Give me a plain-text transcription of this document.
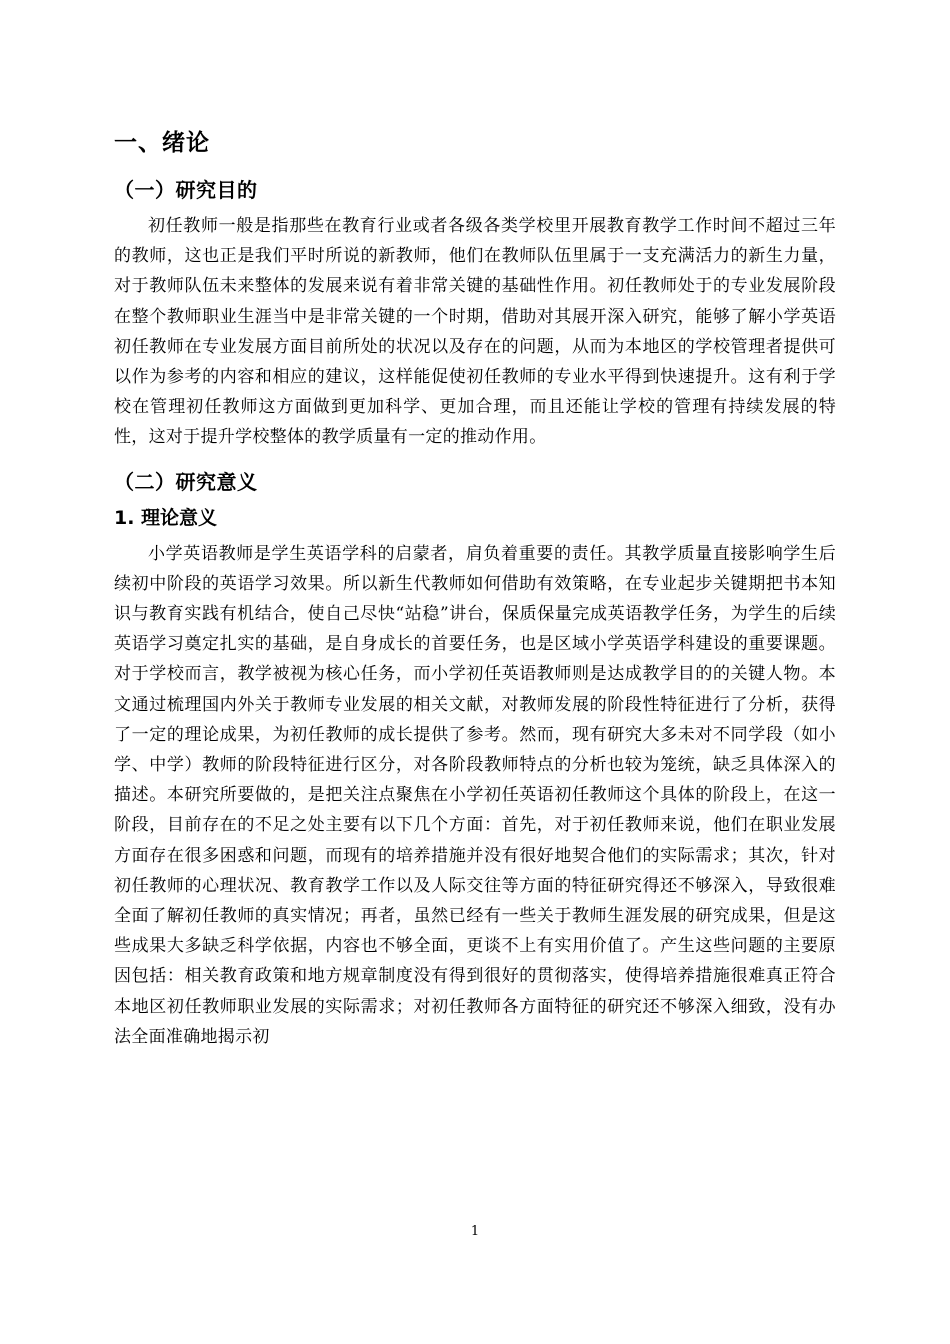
一、绪论
（一）研究目的

初任教师一般是指那些在教育行业或者各级各类学校里开展教育教学工作时间不超过三年的教师，这也正是我们平时所说的新教师，他们在教师队伍里属于一支充满活力的新生力量，对于教师队伍未来整体的发展来说有着非常关键的基础性作用。初任教师处于的专业发展阶段在整个教师职业生涯当中是非常关键的一个时期，借助对其展开深入研究，能够了解小学英语初任教师在专业发展方面目前所处的状况以及存在的问题，从而为本地区的学校管理者提供可以作为参考的内容和相应的建议，这样能促使初任教师的专业水平得到快速提升。这有利于学校在管理初任教师这方面做到更加科学、更加合理，而且还能让学校的管理有持续发展的特性，这对于提升学校整体的教学质量有一定的推动作用。

（二）研究意义
1. 理论意义

小学英语教师是学生英语学科的启蒙者，肩负着重要的责任。其教学质量直接影响学生后续初中阶段的英语学习效果。所以新生代教师如何借助有效策略，在专业起步关键期把书本知识与教育实践有机结合，使自己尽快“站稳”讲台，保质保量完成英语教学任务，为学生的后续英语学习奠定扎实的基础，是自身成长的首要任务，也是区域小学英语学科建设的重要课题。对于学校而言，教学被视为核心任务，而小学初任英语教师则是达成教学目的的关键人物。本文通过梳理国内外关于教师专业发展的相关文献，对教师发展的阶段性特征进行了分析，获得了一定的理论成果，为初任教师的成长提供了参考。然而，现有研究大多未对不同学段（如小学、中学）教师的阶段特征进行区分，对各阶段教师特点的分析也较为笼统，缺乏具体深入的描述。本研究所要做的，是把关注点聚焦在小学初任英语初任教师这个具体的阶段上，在这一阶段，目前存在的不足之处主要有以下几个方面：首先，对于初任教师来说，他们在职业发展方面存在很多困惑和问题，而现有的培养措施并没有很好地契合他们的实际需求；其次，针对初任教师的心理状况、教育教学工作以及人际交往等方面的特征研究得还不够深入，导致很难全面了解初任教师的真实情况；再者，虽然已经有一些关于教师生涯发展的研究成果，但是这些成果大多缺乏科学依据，内容也不够全面，更谈不上有实用价值了。产生这些问题的主要原因包括：相关教育政策和地方规章制度没有得到很好的贯彻落实，使得培养措施很难真正符合本地区初任教师职业发展的实际需求；对初任教师各方面特征的研究还不够深入细致，没有办法全面准确地揭示初

1
